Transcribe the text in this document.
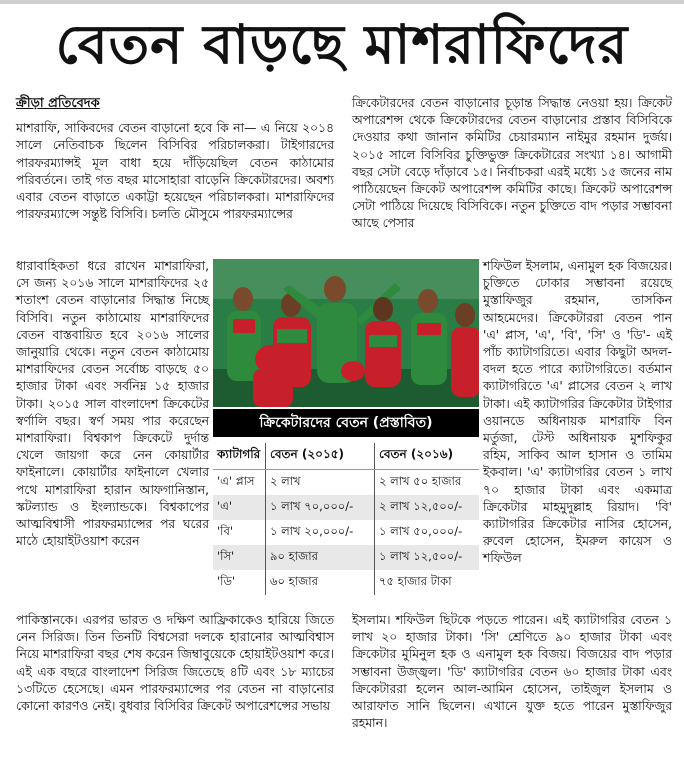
বেতন বাড়ছে মাশরাফিদের

ক্রীড়া প্রতিবেদক

মাশরাফি, সাকিবদের বেতন বাড়ানো হবে কি না— এ নিয়ে ২০১৪ সালে নেতিবাচক ছিলেন বিসিবির পরিচালকরা। টাইগারদের পারফরম্যান্সই মূল বাধা হয়ে দাঁড়িয়েছিল বেতন কাঠামোর পরিবর্তনে। তাই গত বছর মাসোহারা বাড়েনি ক্রিকেটারদের। অবশ্য এবার বেতন বাড়াতে একাট্টা হয়েছেন পরিচালকরা। মাশরাফিদের পারফরম্যান্সে সন্তুষ্ট বিসিবি। চলতি মৌসুমে পারফরম্যান্সের

ধারাবাহিকতা ধরে রাখেন মাশরাফিরা, সে জন্য ২০১৬ সালে মাশরাফিদের ২৫ শতাংশ বেতন বাড়ানোর সিদ্ধান্ত নিচ্ছে বিসিবি। নতুন কাঠামোয় মাশরাফিদের বেতন বাস্তবায়িত হবে ২০১৬ সালের জানুয়ারি থেকে। নতুন বেতন কাঠামোয় মাশরাফিদের বেতন সর্বোচ্চ বাড়ছে ৫০ হাজার টাকা এবং সর্বনিম্ন ১৫ হাজার টাকা। ২০১৫ সাল বাংলাদেশ ক্রিকেটের স্বর্ণালি বছর। স্বর্ণ সময় পার করেছেন মাশরাফিরা। বিশ্বকাপ ক্রিকেটে দুর্দান্ত খেলে জায়গা করে নেন কোয়ার্টার ফাইনালে। কোয়ার্টার ফাইনালে খেলার পথে মাশরাফিরা হারান আফগানিস্তান, স্কটল্যান্ড ও ইংল্যান্ডকে। বিশ্বকাপের আত্মবিশ্বাসী পারফরম্যান্সের পর ঘরের মাঠে হোয়াইটওয়াশ করেন
পাকিস্তানকে। এরপর ভারত ও দক্ষিণ আফ্রিকাকেও হারিয়ে জিতে নেন সিরিজ। তিন তিনটি বিশ্বসেরা দলকে হারানোর আত্মবিশ্বাস নিয়ে মাশরাফিরা বছর শেষ করেন জিম্বাবুয়েকে হোয়াইটওয়াশ করে। এই এক বছরে বাংলাদেশ সিরিজ জিতেছে ৪টি এবং ১৮ ম্যাচের ১৩টিতে হেসেছে। এমন পারফরম্যান্সের পর বেতন না বাড়ানোর কোনো কারণও নেই। বুধবার বিসিবির ক্রিকেট অপারেশন্সের সভায়

ক্রিকেটারদের বেতন বাড়ানোর চূড়ান্ত সিদ্ধান্ত নেওয়া হয়। ক্রিকেট অপারেশন্স থেকে ক্রিকেটারদের বেতন বাড়ানোর প্রস্তাব বিসিবিকে দেওয়ার কথা জানান কমিটির চেয়ারম্যান নাইমুর রহমান দুর্জয়। ২০১৫ সালে বিসিবির চুক্তিভুক্ত ক্রিকেটারের সংখ্যা ১৪। আগামী বছর সেটা বেড়ে দাঁড়াবে ১৫। নির্বাচকরা এরই মধ্যে ১৫ জনের নাম পাঠিয়েছেন ক্রিকেট অপারেশন্স কমিটির কাছে। ক্রিকেট অপারেশন্স সেটা পাঠিয়ে দিয়েছে বিসিবিকে। নতুন চুক্তিতে বাদ পড়ার সম্ভাবনা আছে পেসার

শফিউল ইসলাম, এনামুল হক বিজয়ের। চুক্তিতে ঢোকার সম্ভাবনা রয়েছে মুস্তাফিজুর রহমান, তাসকিন আহমেদের। ক্রিকেটাররা বেতন পান 'এ' প্লাস, 'এ', 'বি', 'সি' ও 'ডি'- এই পাঁচ ক্যাটাগরিতে। এবার কিছুটা অদল-বদল হতে পারে ক্যাটাগরিতে। বর্তমান ক্যাটাগরিতে 'এ' প্লাসের বেতন ২ লাখ টাকা। এই ক্যাটাগরির ক্রিকেটার টাইগার ওয়ানডে অধিনায়ক মাশরাফি বিন মর্তুজা, টেস্ট অধিনায়ক মুশফিকুর রহিম, সাকিব আল হাসান ও তামিম ইকবাল। 'এ' ক্যাটাগরির বেতন ১ লাখ ৭০ হাজার টাকা এবং একমাত্র ক্রিকেটার মাহমুদুল্লাহ রিয়াদ। 'বি' ক্যাটাগরির ক্রিকেটার নাসির হোসেন, রুবেল হোসেন, ইমরুল কায়েস ও শফিউল
ইসলাম। শফিউল ছিটকে পড়তে পারেন। এই ক্যাটাগরির বেতন ১ লাখ ২০ হাজার টাকা। 'সি' শ্রেণিতে ৯০ হাজার টাকা এবং ক্রিকেটার মুমিনুল হক ও এনামুল হক বিজয়। বিজয়ের বাদ পড়ার সম্ভাবনা উজ্জ্বল। 'ডি' ক্যাটাগরির বেতন ৬০ হাজার টাকা এবং ক্রিকেটাররা হলেন আল-আমিন হোসেন, তাইজুল ইসলাম ও আরাফাত সানি ছিলেন। এখানে যুক্ত হতে পারেন মুস্তাফিজুর রহমান।
ক্রিকেটারদের বেতন (প্রস্তাবিত)
ক্যাটাগরি	বেতন (২০১৫)	বেতন (২০১৬)
'এ' প্লাস	২ লাখ	২ লাখ ৫০ হাজার
'এ'	১ লাখ ৭০,০০০/-	২ লাখ ১২,৫০০/-
'বি'	১ লাখ ২০,০০০/-	১ লাখ ৫০,০০০/-
'সি'	৯০ হাজার	১ লাখ ১২,৫০০/-
'ডি'	৬০ হাজার	৭৫ হাজার টাকা
